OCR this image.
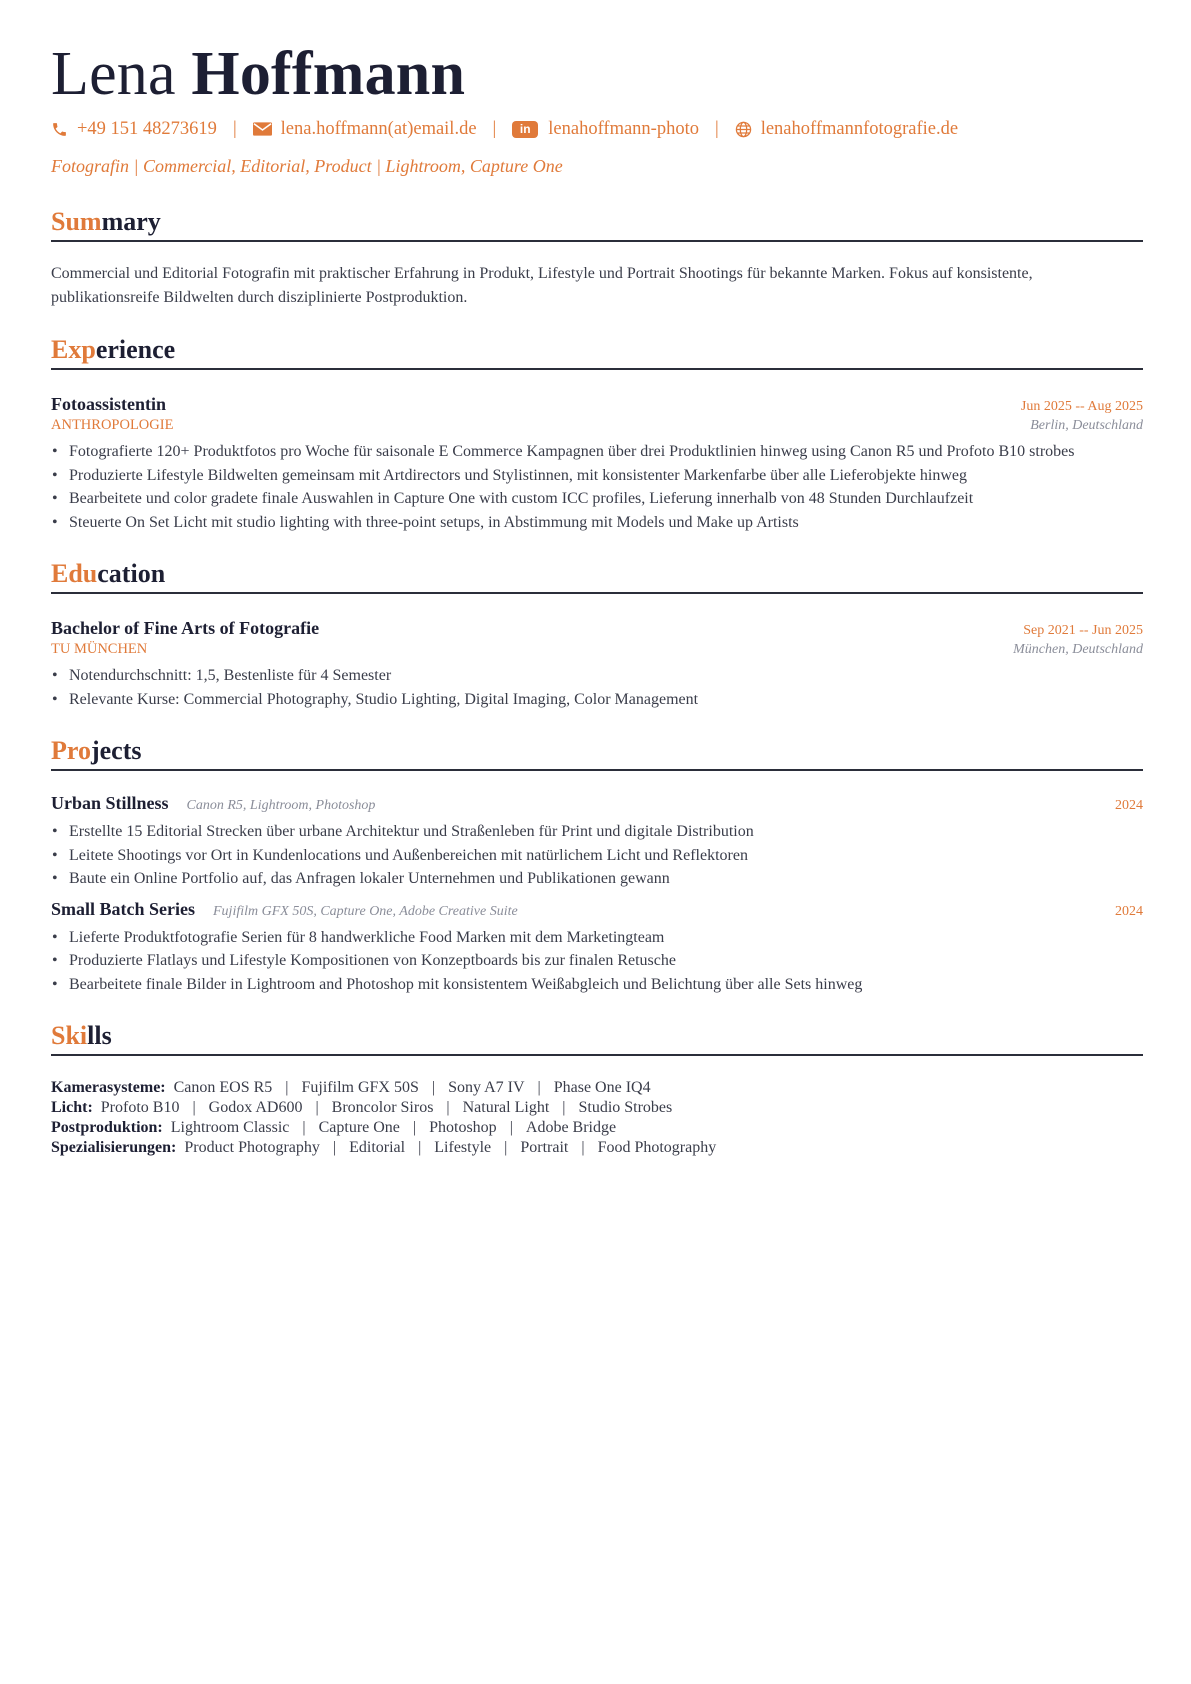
Lena Hoffmann
+49 151 48273619 | lena.hoffmann(at)email.de |	in lenahoffmann-photo | lenahoffmannfotografie.de
Fotografin | Commercial, Editorial, Product | Lightroom, Capture One
Summary
Commercial und Editorial Fotografin mit praktischer Erfahrung in Produkt, Lifestyle und Portrait Shootings für bekannte Marken. Fokus auf konsistente, publikationsreife Bildwelten durch disziplinierte Postproduktion.
Experience
Fotoassistentin	Jun 2025 -- Aug 2025
ANTHROPOLOGIE	Berlin, Deutschland
• Fotografierte 120+ Produktfotos pro Woche für saisonale E Commerce Kampagnen über drei Produktlinien hinweg using Canon R5 und Profoto B10 strobes
• Produzierte Lifestyle Bildwelten gemeinsam mit Artdirectors und Stylistinnen, mit konsistenter Markenfarbe über alle Lieferobjekte hinweg
• Bearbeitete und color gradete finale Auswahlen in Capture One with custom ICC profiles, Lieferung innerhalb von 48 Stunden Durchlaufzeit
• Steuerte On Set Licht mit studio lighting with three-point setups, in Abstimmung mit Models und Make up Artists
Education
Bachelor of Fine Arts of Fotografie	Sep 2021 -- Jun 2025
TU MÜNCHEN	München, Deutschland
• Notendurchschnitt: 1,5, Bestenliste für 4 Semester
• Relevante Kurse: Commercial Photography, Studio Lighting, Digital Imaging, Color Management
Projects
Urban Stillness Canon R5, Lightroom, Photoshop	2024
• Erstellte 15 Editorial Strecken über urbane Architektur und Straßenleben für Print und digitale Distribution
• Leitete Shootings vor Ort in Kundenlocations und Außenbereichen mit natürlichem Licht und Reflektoren
• Baute ein Online Portfolio auf, das Anfragen lokaler Unternehmen und Publikationen gewann
Small Batch Series Fujifilm GFX 50S, Capture One, Adobe Creative Suite	2024
• Lieferte Produktfotografie Serien für 8 handwerkliche Food Marken mit dem Marketingteam
• Produzierte Flatlays und Lifestyle Kompositionen von Konzeptboards bis zur finalen Retusche
• Bearbeitete finale Bilder in Lightroom and Photoshop mit konsistentem Weißabgleich und Belichtung über alle Sets hinweg
Skills
Kamerasysteme: Canon EOS R5 | Fujifilm GFX 50S | Sony A7 IV | Phase One IQ4
Licht: Profoto B10 | Godox AD600 | Broncolor Siros | Natural Light | Studio Strobes
Postproduktion: Lightroom Classic | Capture One | Photoshop | Adobe Bridge
Spezialisierungen: Product Photography | Editorial | Lifestyle | Portrait | Food Photography
